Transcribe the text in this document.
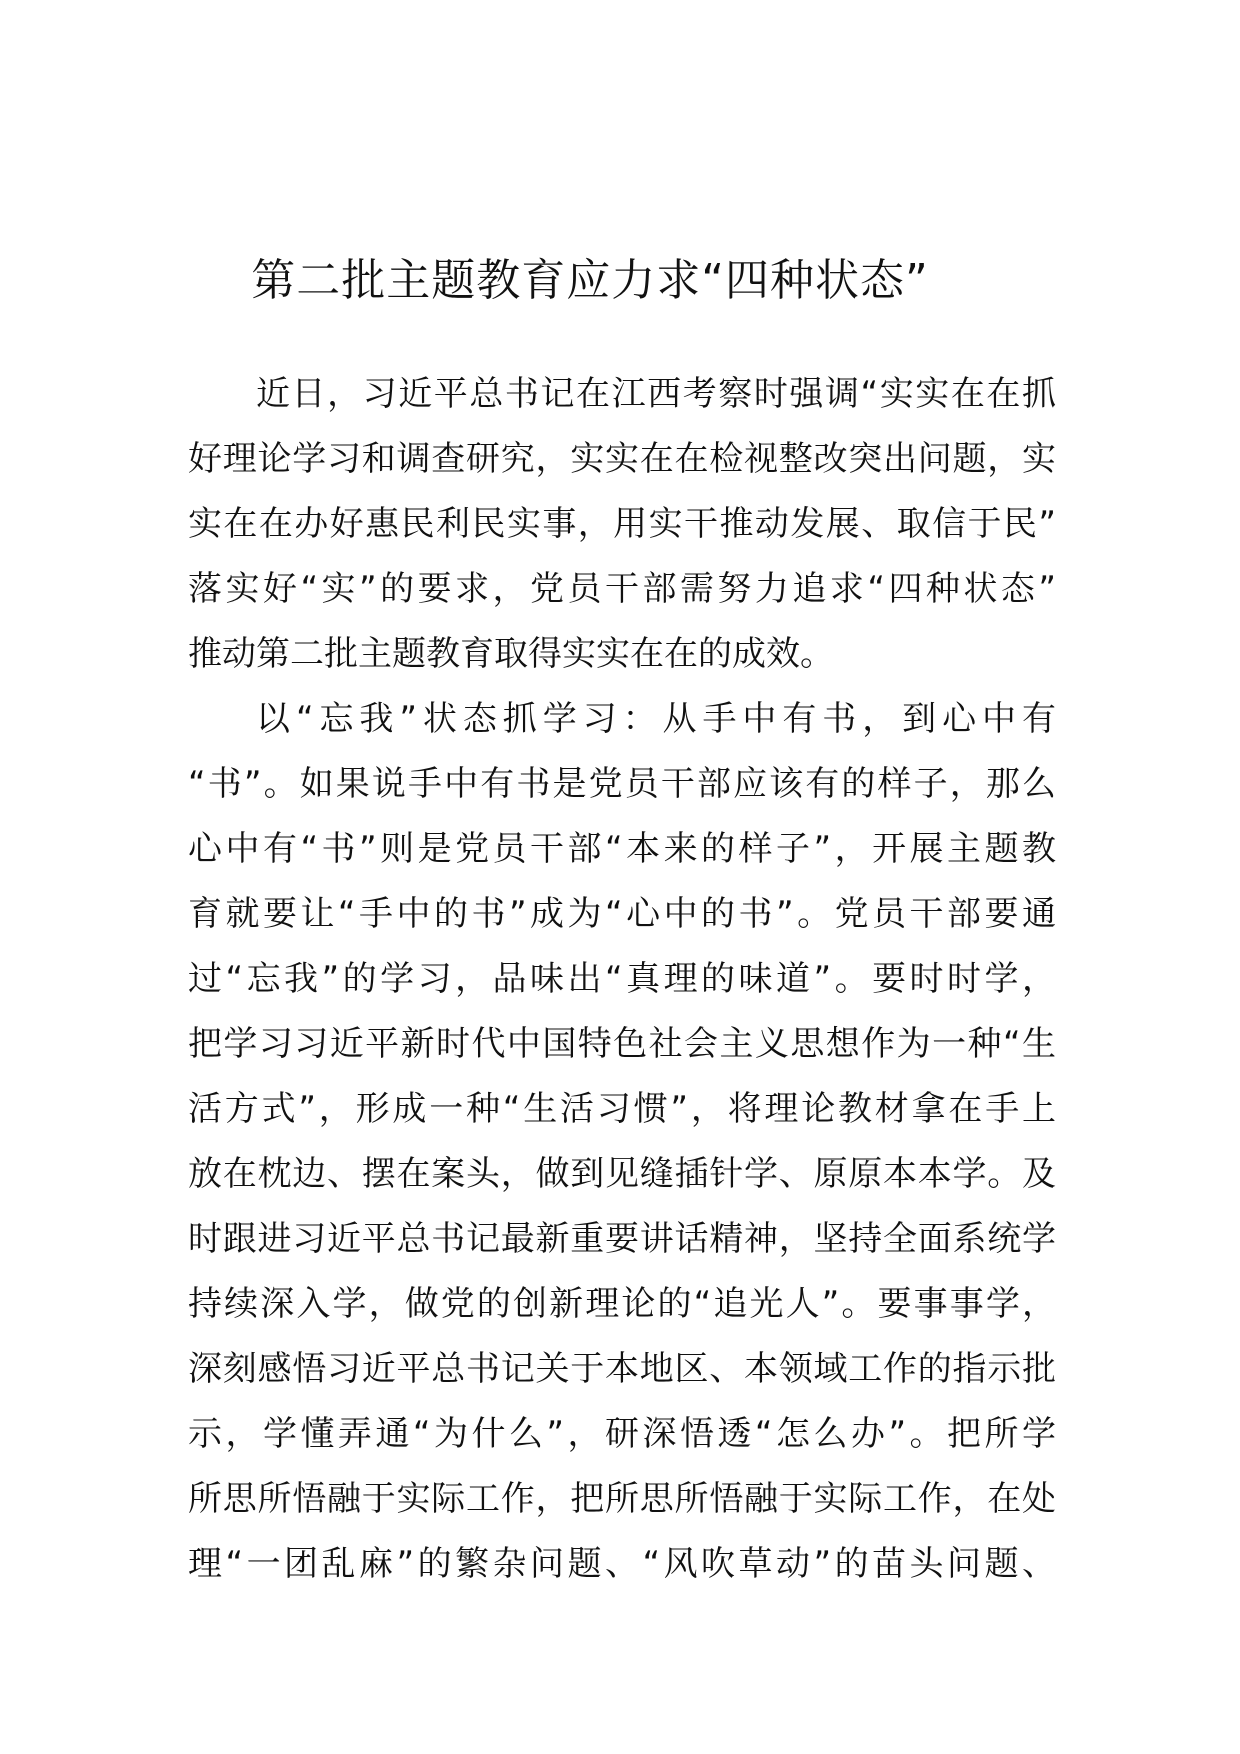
第二批主题教育应力求“四种状态”
近日，习近平总书记在江西考察时强调“实实在在抓
好理论学习和调查研究，实实在在检视整改突出问题，实
实在在办好惠民利民实事，用实干推动发展、取信于民”
落实好“实”的要求，党员干部需努力追求“四种状态”
推动第二批主题教育取得实实在在的成效。
以“忘我”状态抓学习：从手中有书，到心中有
“书”。如果说手中有书是党员干部应该有的样子，那么
心中有“书”则是党员干部“本来的样子”，开展主题教
育就要让“手中的书”成为“心中的书”。党员干部要通
过“忘我”的学习，品味出“真理的味道”。要时时学，
把学习习近平新时代中国特色社会主义思想作为一种“生
活方式”，形成一种“生活习惯”，将理论教材拿在手上
放在枕边、摆在案头，做到见缝插针学、原原本本学。及
时跟进习近平总书记最新重要讲话精神，坚持全面系统学
持续深入学，做党的创新理论的“追光人”。要事事学，
深刻感悟习近平总书记关于本地区、本领域工作的指示批
示，学懂弄通“为什么”，研深悟透“怎么办”。把所学
所思所悟融于实际工作，把所思所悟融于实际工作，在处
理“一团乱麻”的繁杂问题、“风吹草动”的苗头问题、
